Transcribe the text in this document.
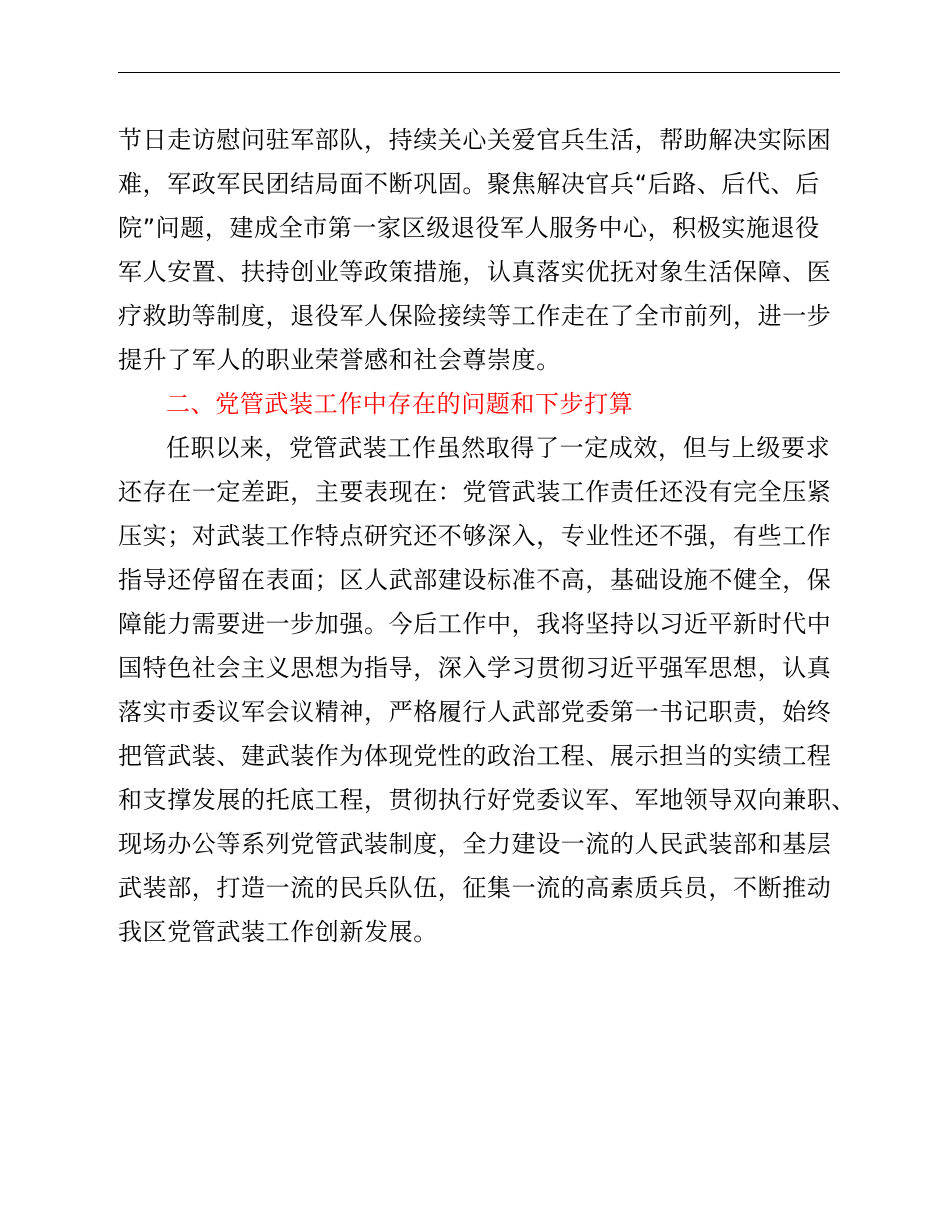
节日走访慰问驻军部队，持续关心关爱官兵生活，帮助解决实际困
难，军政军民团结局面不断巩固。聚焦解决官兵“后路、后代、后
院”问题，建成全市第一家区级退役军人服务中心，积极实施退役
军人安置、扶持创业等政策措施，认真落实优抚对象生活保障、医
疗救助等制度，退役军人保险接续等工作走在了全市前列，进一步
提升了军人的职业荣誉感和社会尊崇度。
二、党管武装工作中存在的问题和下步打算
任职以来，党管武装工作虽然取得了一定成效，但与上级要求
还存在一定差距，主要表现在：党管武装工作责任还没有完全压紧
压实；对武装工作特点研究还不够深入，专业性还不强，有些工作
指导还停留在表面；区人武部建设标准不高，基础设施不健全，保
障能力需要进一步加强。今后工作中，我将坚持以习近平新时代中
国特色社会主义思想为指导，深入学习贯彻习近平强军思想，认真
落实市委议军会议精神，严格履行人武部党委第一书记职责，始终
把管武装、建武装作为体现党性的政治工程、展示担当的实绩工程
和支撑发展的托底工程，贯彻执行好党委议军、军地领导双向兼职、
现场办公等系列党管武装制度，全力建设一流的人民武装部和基层
武装部，打造一流的民兵队伍，征集一流的高素质兵员，不断推动
我区党管武装工作创新发展。
